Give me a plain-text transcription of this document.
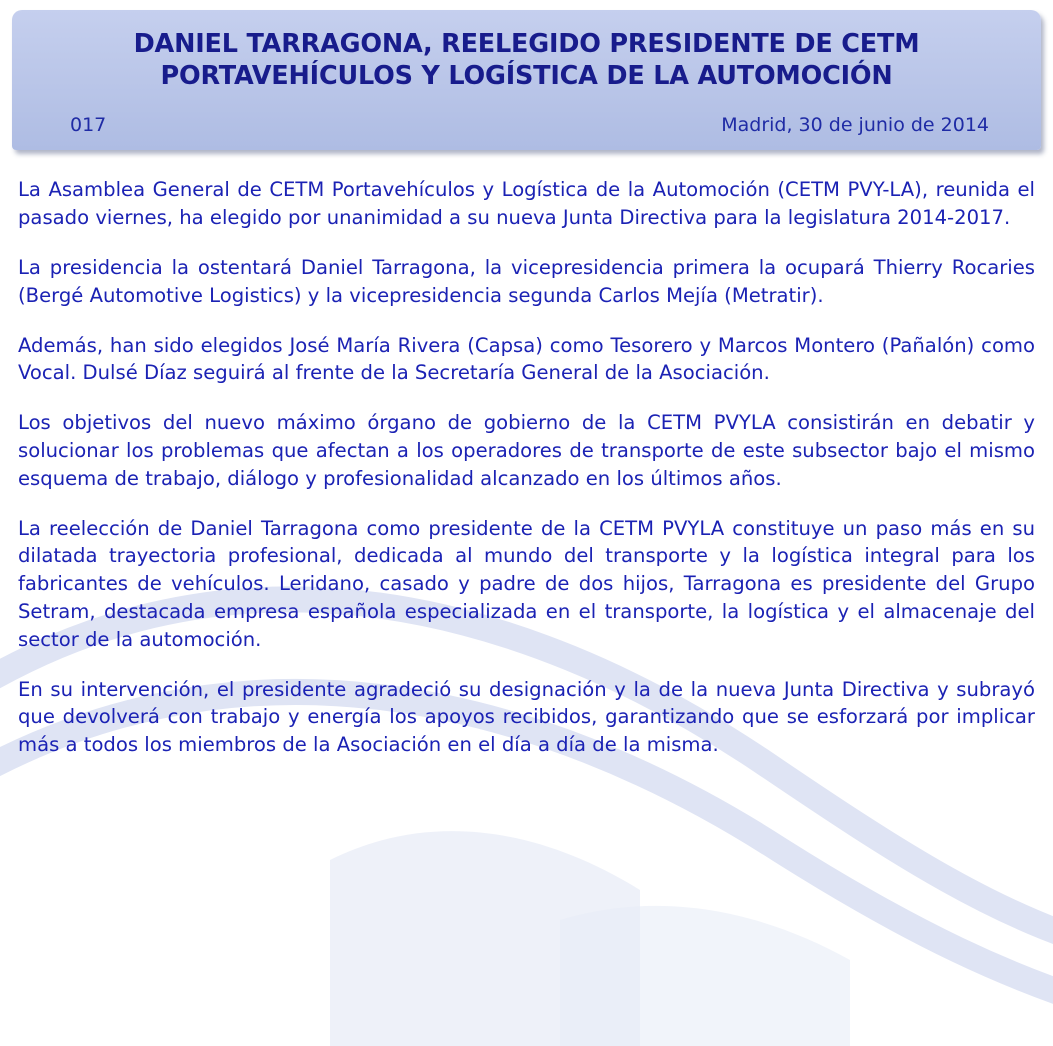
DANIEL TARRAGONA, REELEGIDO PRESIDENTE DE CETM PORTAVEHÍCULOS Y LOGÍSTICA DE LA AUTOMOCIÓN
017	Madrid, 30 de junio de 2014

La Asamblea General de CETM Portavehículos y Logística de la Automoción (CETM PVY-LA), reunida el pasado viernes, ha elegido por unanimidad a su nueva Junta Directiva para la legislatura 2014-2017.

La presidencia la ostentará Daniel Tarragona, la vicepresidencia primera la ocupará Thierry Rocaries (Bergé Automotive Logistics) y la vicepresidencia segunda Carlos Mejía (Metratir).

Además, han sido elegidos José María Rivera (Capsa) como Tesorero y Marcos Montero (Pañalón) como Vocal. Dulsé Díaz seguirá al frente de la Secretaría General de la Asociación.

Los objetivos del nuevo máximo órgano de gobierno de la CETM PVYLA consistirán en debatir y solucionar los problemas que afectan a los operadores de transporte de este subsector bajo el mismo esquema de trabajo, diálogo y profesionalidad alcanzado en los últimos años.

La reelección de Daniel Tarragona como presidente de la CETM PVYLA constituye un paso más en su dilatada trayectoria profesional, dedicada al mundo del transporte y la logística integral para los fabricantes de vehículos. Leridano, casado y padre de dos hijos, Tarragona es presidente del Grupo Setram, destacada empresa española especializada en el transporte, la logística y el almacenaje del sector de la automoción.

En su intervención, el presidente agradeció su designación y la de la nueva Junta Directiva y subrayó que devolverá con trabajo y energía los apoyos recibidos, garantizando que se esforzará por implicar más a todos los miembros de la Asociación en el día a día de la misma.
